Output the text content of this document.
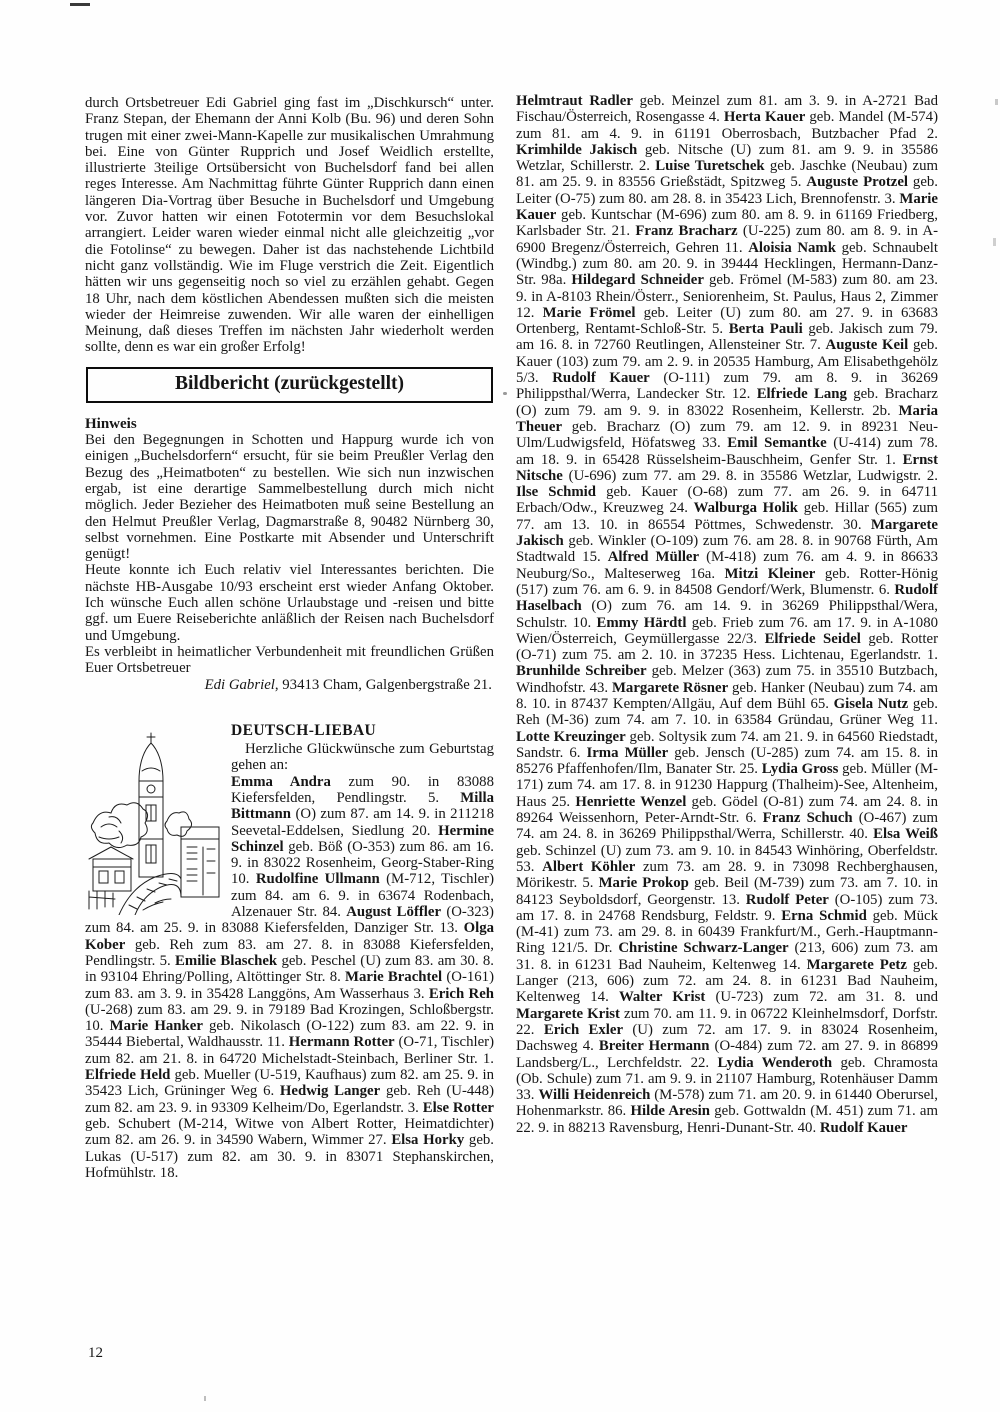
durch Ortsbetreuer Edi Gabriel ging fast im „Dischkursch“ unter. Franz Stepan, der Ehemann der Anni Kolb (Bu. 96) und deren Sohn trugen mit einer zwei-Mann-Kapelle zur musikalischen Umrahmung bei. Eine von Günter Rupprich und Josef Weidlich erstellte, illustrierte 3teilige Ortsübersicht von Buchelsdorf fand bei allen reges Interesse. Am Nachmittag führte Günter Rupprich dann einen längeren Dia-Vortrag über Besuche in Buchelsdorf und Umgebung vor. Zuvor hatten wir einen Fototermin vor dem Besuchslokal arrangiert. Leider waren wieder einmal nicht alle gleichzeitig „vor die Fotolinse“ zu bewegen. Daher ist das nachstehende Lichtbild nicht ganz vollständig. Wie im Fluge verstrich die Zeit. Eigentlich hätten wir uns gegenseitig noch so viel zu erzählen gehabt. Gegen 18 Uhr, nach dem köstlichen Abendessen mußten sich die meisten wieder der Heimreise zuwenden. Wir alle waren der einhelligen Meinung, daß dieses Treffen im nächsten Jahr wiederholt werden sollte, denn es war ein großer Erfolg!

Bildbericht (zurückgestellt)
Hinweis

Bei den Begegnungen in Schotten und Happurg wurde ich von einigen „Buchelsdorfern“ ersucht, für sie beim Preußler Verlag den Bezug des „Heimatboten“ zu bestellen. Wie sich nun inzwischen ergab, ist eine derartige Sammelbestellung durch mich nicht möglich. Jeder Bezieher des Heimatboten muß seine Bestellung an den Helmut Preußler Verlag, Dagmarstraße 8, 90482 Nürnberg 30, selbst vornehmen. Eine Postkarte mit Absender und Unterschrift genügt!

Heute konnte ich Euch relativ viel Interessantes berichten. Die nächste HB-Ausgabe 10/93 erscheint erst wieder Anfang Oktober. Ich wünsche Euch allen schöne Urlaubstage und -reisen und bitte ggf. um Euere Reiseberichte anläßlich der Reisen nach Buchelsdorf und Umgebung.

Es verbleibt in heimatlicher Verbundenheit mit freundlichen Grüßen Euer Ortsbetreuer

Edi Gabriel, 93413 Cham, Galgenbergstraße 21.

DEUTSCH-LIEBAU

Herzliche Glückwünsche zum Geburtstag gehen an:

Emma Andra zum 90. in 83088 Kiefersfelden, Pendlingstr. 5. Milla Bittmann (O) zum 87. am 14. 9. in 211218 Seevetal-Eddelsen, Siedlung 20. Hermine Schinzel geb. Böß (O-353) zum 86. am 16. 9. in 83022 Rosenheim, Georg-Staber-Ring 10. Rudolfine Ullmann (M-712, Tischler) zum 84. am 6. 9. in 63674 Rodenbach, Alzenauer Str. 84. August Löffler (O-323) zum 84. am 25. 9. in 83088 Kiefersfelden, Danziger Str. 13. Olga Kober geb. Reh zum 83. am 27. 8. in 83088 Kiefersfelden, Pendlingstr. 5. Emilie Blaschek geb. Peschel (U) zum 83. am 30. 8. in 93104 Ehring/Polling, Altöttinger Str. 8. Marie Brachtel (O-161) zum 83. am 3. 9. in 35428 Langgöns, Am Wasserhaus 3. Erich Reh (U-268) zum 83. am 29. 9. in 79189 Bad Krozingen, Schloßbergstr. 10. Marie Hanker geb. Nikolasch (O-122) zum 83. am 22. 9. in 35444 Biebertal, Waldhausstr. 11. Hermann Rotter (O-71, Tischler) zum 82. am 21. 8. in 64720 Michelstadt-Steinbach, Berliner Str. 1. Elfriede Held geb. Mueller (U-519, Kaufhaus) zum 82. am 25. 9. in 35423 Lich, Grüninger Weg 6. Hedwig Langer geb. Reh (U-448) zum 82. am 23. 9. in 93309 Kelheim/Do, Egerlandstr. 3. Else Rotter geb. Schubert (M-214, Witwe von Albert Rotter, Heimatdichter) zum 82. am 26. 9. in 34590 Wabern, Wimmer 27. Elsa Horky geb. Lukas (U-517) zum 82. am 30. 9. in 83071 Stephanskirchen, Hofmühlstr. 18.

Helmtraut Radler geb. Meinzel zum 81. am 3. 9. in A-2721 Bad Fischau/Österreich, Rosengasse 4. Herta Kauer geb. Mandel (M-574) zum 81. am 4. 9. in 61191 Oberrosbach, Butzbacher Pfad 2. Krimhilde Jakisch geb. Nitsche (U) zum 81. am 9. 9. in 35586 Wetzlar, Schillerstr. 2. Luise Turetschek geb. Jaschke (Neubau) zum 81. am 25. 9. in 83556 Grießstädt, Spitzweg 5. Auguste Protzel geb. Leiter (O-75) zum 80. am 28. 8. in 35423 Lich, Brennofenstr. 3. Marie Kauer geb. Kuntschar (M-696) zum 80. am 8. 9. in 61169 Friedberg, Karlsbader Str. 21. Franz Bracharz (U-225) zum 80. am 8. 9. in A-6900 Bregenz/Österreich, Gehren 11. Aloisia Namk geb. Schnaubelt (Windbg.) zum 80. am 20. 9. in 39444 Hecklingen, Hermann-Danz-Str. 98a. Hildegard Schneider geb. Frömel (M-583) zum 80. am 23. 9. in A-8103 Rhein/Österr., Seniorenheim, St. Paulus, Haus 2, Zimmer 12. Marie Frömel geb. Leiter (U) zum 80. am 27. 9. in 63683 Ortenberg, Rentamt-Schloß-Str. 5. Berta Pauli geb. Jakisch zum 79. am 16. 8. in 72760 Reutlingen, Allensteiner Str. 7. Auguste Keil geb. Kauer (103) zum 79. am 2. 9. in 20535 Hamburg, Am Elisabethgehölz 5/3. Rudolf Kauer (O-111) zum 79. am 8. 9. in 36269 Philippsthal/Werra, Landecker Str. 12. Elfriede Lang geb. Bracharz (O) zum 79. am 9. 9. in 83022 Rosenheim, Kellerstr. 2b. Maria Theuer geb. Bracharz (O) zum 79. am 12. 9. in 89231 Neu-Ulm/Ludwigsfeld, Höfatsweg 33. Emil Semantke (U-414) zum 78. am 18. 9. in 65428 Rüsselsheim-Bauschheim, Genfer Str. 1. Ernst Nitsche (U-696) zum 77. am 29. 8. in 35586 Wetzlar, Ludwigstr. 2. Ilse Schmid geb. Kauer (O-68) zum 77. am 26. 9. in 64711 Erbach/Odw., Kreuzweg 24. Walburga Holik geb. Hillar (565) zum 77. am 13. 10. in 86554 Pöttmes, Schwedenstr. 30. Margarete Jakisch geb. Winkler (O-109) zum 76. am 28. 8. in 90768 Fürth, Am Stadtwald 15. Alfred Müller (M-418) zum 76. am 4. 9. in 86633 Neuburg/So., Malteserweg 16a. Mitzi Kleiner geb. Rotter-Hönig (517) zum 76. am 6. 9. in 84508 Gendorf/Werk, Blumenstr. 6. Rudolf Haselbach (O) zum 76. am 14. 9. in 36269 Philippsthal/Wera, Schulstr. 10. Emmy Härdtl geb. Frieb zum 76. am 17. 9. in A-1080 Wien/Österreich, Geymüllergasse 22/3. Elfriede Seidel geb. Rotter (O-71) zum 75. am 2. 10. in 37235 Hess. Lichtenau, Egerlandstr. 1. Brunhilde Schreiber geb. Melzer (363) zum 75. in 35510 Butzbach, Windhofstr. 43. Margarete Rösner geb. Hanker (Neubau) zum 74. am 8. 10. in 87437 Kempten/Allgäu, Auf dem Bühl 65. Gisela Nutz geb. Reh (M-36) zum 74. am 7. 10. in 63584 Gründau, Grüner Weg 11. Lotte Kreuzinger geb. Soltysik zum 74. am 21. 9. in 64560 Riedstadt, Sandstr. 6. Irma Müller geb. Jensch (U-285) zum 74. am 15. 8. in 85276 Pfaffenhofen/Ilm, Banater Str. 25. Lydia Gross geb. Müller (M-171) zum 74. am 17. 8. in 91230 Happurg (Thalheim)-See, Altenheim, Haus 25. Henriette Wenzel geb. Gödel (O-81) zum 74. am 24. 8. in 89264 Weissenhorn, Peter-Arndt-Str. 6. Franz Schuch (O-467) zum 74. am 24. 8. in 36269 Philippsthal/Werra, Schillerstr. 40. Elsa Weiß geb. Schinzel (U) zum 73. am 9. 10. in 84543 Winhöring, Oberfeldstr. 53. Albert Köhler zum 73. am 28. 9. in 73098 Rechberghausen, Mörikestr. 5. Marie Prokop geb. Beil (M-739) zum 73. am 7. 10. in 84123 Seyboldsdorf, Georgenstr. 13. Rudolf Peter (O-105) zum 73. am 17. 8. in 24768 Rendsburg, Feldstr. 9. Erna Schmid geb. Mück (M-41) zum 73. am 29. 8. in 60439 Frankfurt/M., Gerh.-Hauptmann-Ring 121/5. Dr. Christine Schwarz-Langer (213, 606) zum 73. am 31. 8. in 61231 Bad Nauheim, Keltenweg 14. Margarete Petz geb. Langer (213, 606) zum 72. am 24. 8. in 61231 Bad Nauheim, Keltenweg 14. Walter Krist (U-723) zum 72. am 31. 8. und Margarete Krist zum 70. am 11. 9. in 06722 Kleinhelmsdorf, Dorfstr. 22. Erich Exler (U) zum 72. am 17. 9. in 83024 Rosenheim, Dachsweg 4. Breiter Hermann (O-484) zum 72. am 27. 9. in 86899 Landsberg/L., Lerchfeldstr. 22. Lydia Wenderoth geb. Chramosta (Ob. Schule) zum 71. am 9. 9. in 21107 Hamburg, Rotenhäuser Damm 33. Willi Heidenreich (M-578) zum 71. am 20. 9. in 61440 Oberursel, Hohenmarkstr. 86. Hilde Aresin geb. Gottwaldn (M. 451) zum 71. am 22. 9. in 88213 Ravensburg, Henri-Dunant-Str. 40. Rudolf Kauer

12
